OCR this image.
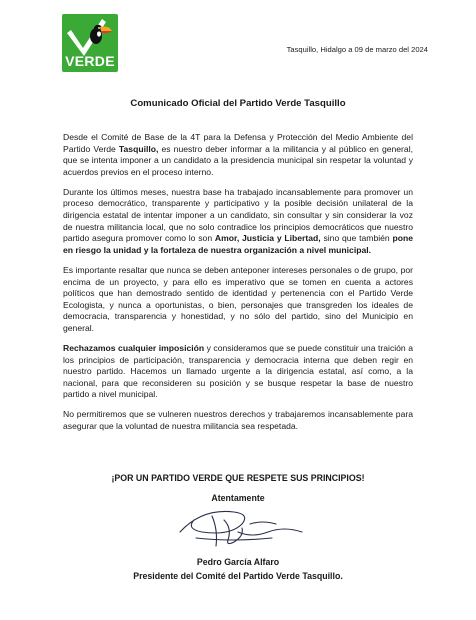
VERDE
Tasquillo, Hidalgo a 09 de marzo del 2024
Comunicado Oficial del Partido Verde Tasquillo

Desde el Comité de Base de la 4T para la Defensa y Protección del Medio Ambiente del Partido Verde Tasquillo, es nuestro deber informar a la militancia y al público en general, que se intenta imponer a un candidato a la presidencia municipal sin respetar la voluntad y acuerdos previos en el proceso interno.

Durante los últimos meses, nuestra base ha trabajado incansablemente para promover un proceso democrático, transparente y participativo y la posible decisión unilateral de la dirigencia estatal de intentar imponer a un candidato, sin consultar y sin considerar la voz de nuestra militancia local, que no solo contradice los principios democráticos que nuestro partido asegura promover como lo son Amor, Justicia y Libertad, sino que también pone en riesgo la unidad y la fortaleza de nuestra organización a nivel municipal.

Es importante resaltar que nunca se deben anteponer intereses personales o de grupo, por encima de un proyecto, y para ello es imperativo que se tomen en cuenta a actores políticos que han demostrado sentido de identidad y pertenencia con el Partido Verde Ecologista, y nunca a oportunistas, o bien, personajes que transgreden los ideales de democracia, transparencia y honestidad, y no sólo del partido, sino del Municipio en general.

Rechazamos cualquier imposición y consideramos que se puede constituir una traición a los principios de participación, transparencia y democracia interna que deben regir en nuestro partido. Hacemos un llamado urgente a la dirigencia estatal, así como, a la nacional, para que reconsideren su posición y se busque respetar la base de nuestro partido a nivel municipal.

No permitiremos que se vulneren nuestros derechos y trabajaremos incansablemente para asegurar que la voluntad de nuestra militancia sea respetada.

¡POR UN PARTIDO VERDE QUE RESPETE SUS PRINCIPIOS!
Atentamente
Pedro García Alfaro
Presidente del Comité del Partido Verde Tasquillo.
